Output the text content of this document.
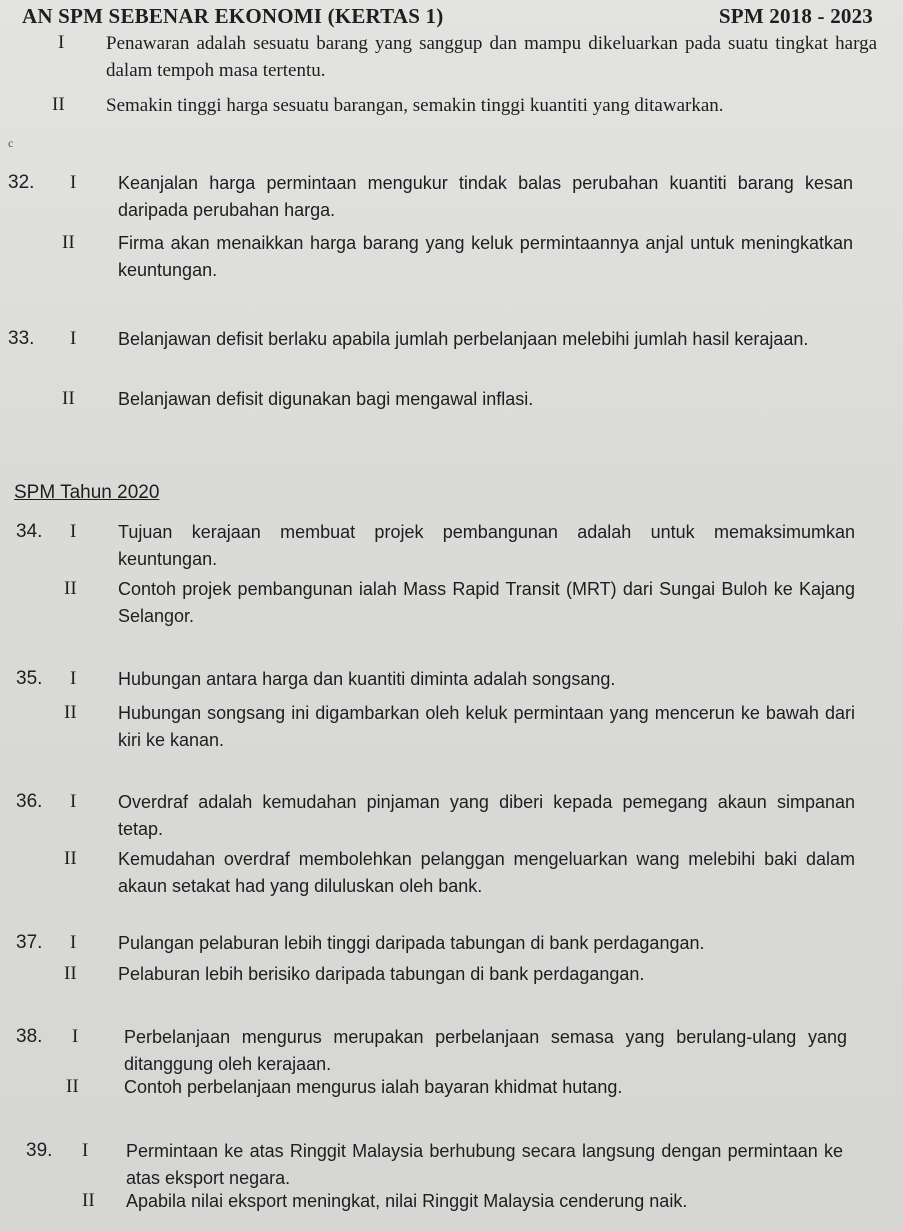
AN SPM SEBENAR EKONOMI (KERTAS 1)	SPM 2018 - 2023
I	Penawaran adalah sesuatu barang yang sanggup dan mampu dikeluarkan pada suatu tingkat harga dalam tempoh masa tertentu.
II	Semakin tinggi harga sesuatu barangan, semakin tinggi kuantiti yang ditawarkan.
c
32.	I	Keanjalan harga permintaan mengukur tindak balas perubahan kuantiti barang kesan daripada perubahan harga.
II	Firma akan menaikkan harga barang yang keluk permintaannya anjal untuk meningkatkan keuntungan.
33.	I	Belanjawan defisit berlaku apabila jumlah perbelanjaan melebihi jumlah hasil kerajaan.
II	Belanjawan defisit digunakan bagi mengawal inflasi.
SPM Tahun 2020
34.	I	Tujuan kerajaan membuat projek pembangunan adalah untuk memaksimumkan keuntungan.
II	Contoh projek pembangunan ialah Mass Rapid Transit (MRT) dari Sungai Buloh ke Kajang Selangor.
35.	I	Hubungan antara harga dan kuantiti diminta adalah songsang.
II	Hubungan songsang ini digambarkan oleh keluk permintaan yang mencerun ke bawah dari kiri ke kanan.
36.	I	Overdraf adalah kemudahan pinjaman yang diberi kepada pemegang akaun simpanan tetap.
II	Kemudahan overdraf membolehkan pelanggan mengeluarkan wang melebihi baki dalam akaun setakat had yang diluluskan oleh bank.
37.	I	Pulangan pelaburan lebih tinggi daripada tabungan di bank perdagangan.
II	Pelaburan lebih berisiko daripada tabungan di bank perdagangan.
38.	I	Perbelanjaan mengurus merupakan perbelanjaan semasa yang berulang-ulang yang ditanggung oleh kerajaan.
II	Contoh perbelanjaan mengurus ialah bayaran khidmat hutang.
39.	I	Permintaan ke atas Ringgit Malaysia berhubung secara langsung dengan permintaan ke atas eksport negara.
II	Apabila nilai eksport meningkat, nilai Ringgit Malaysia cenderung naik.
